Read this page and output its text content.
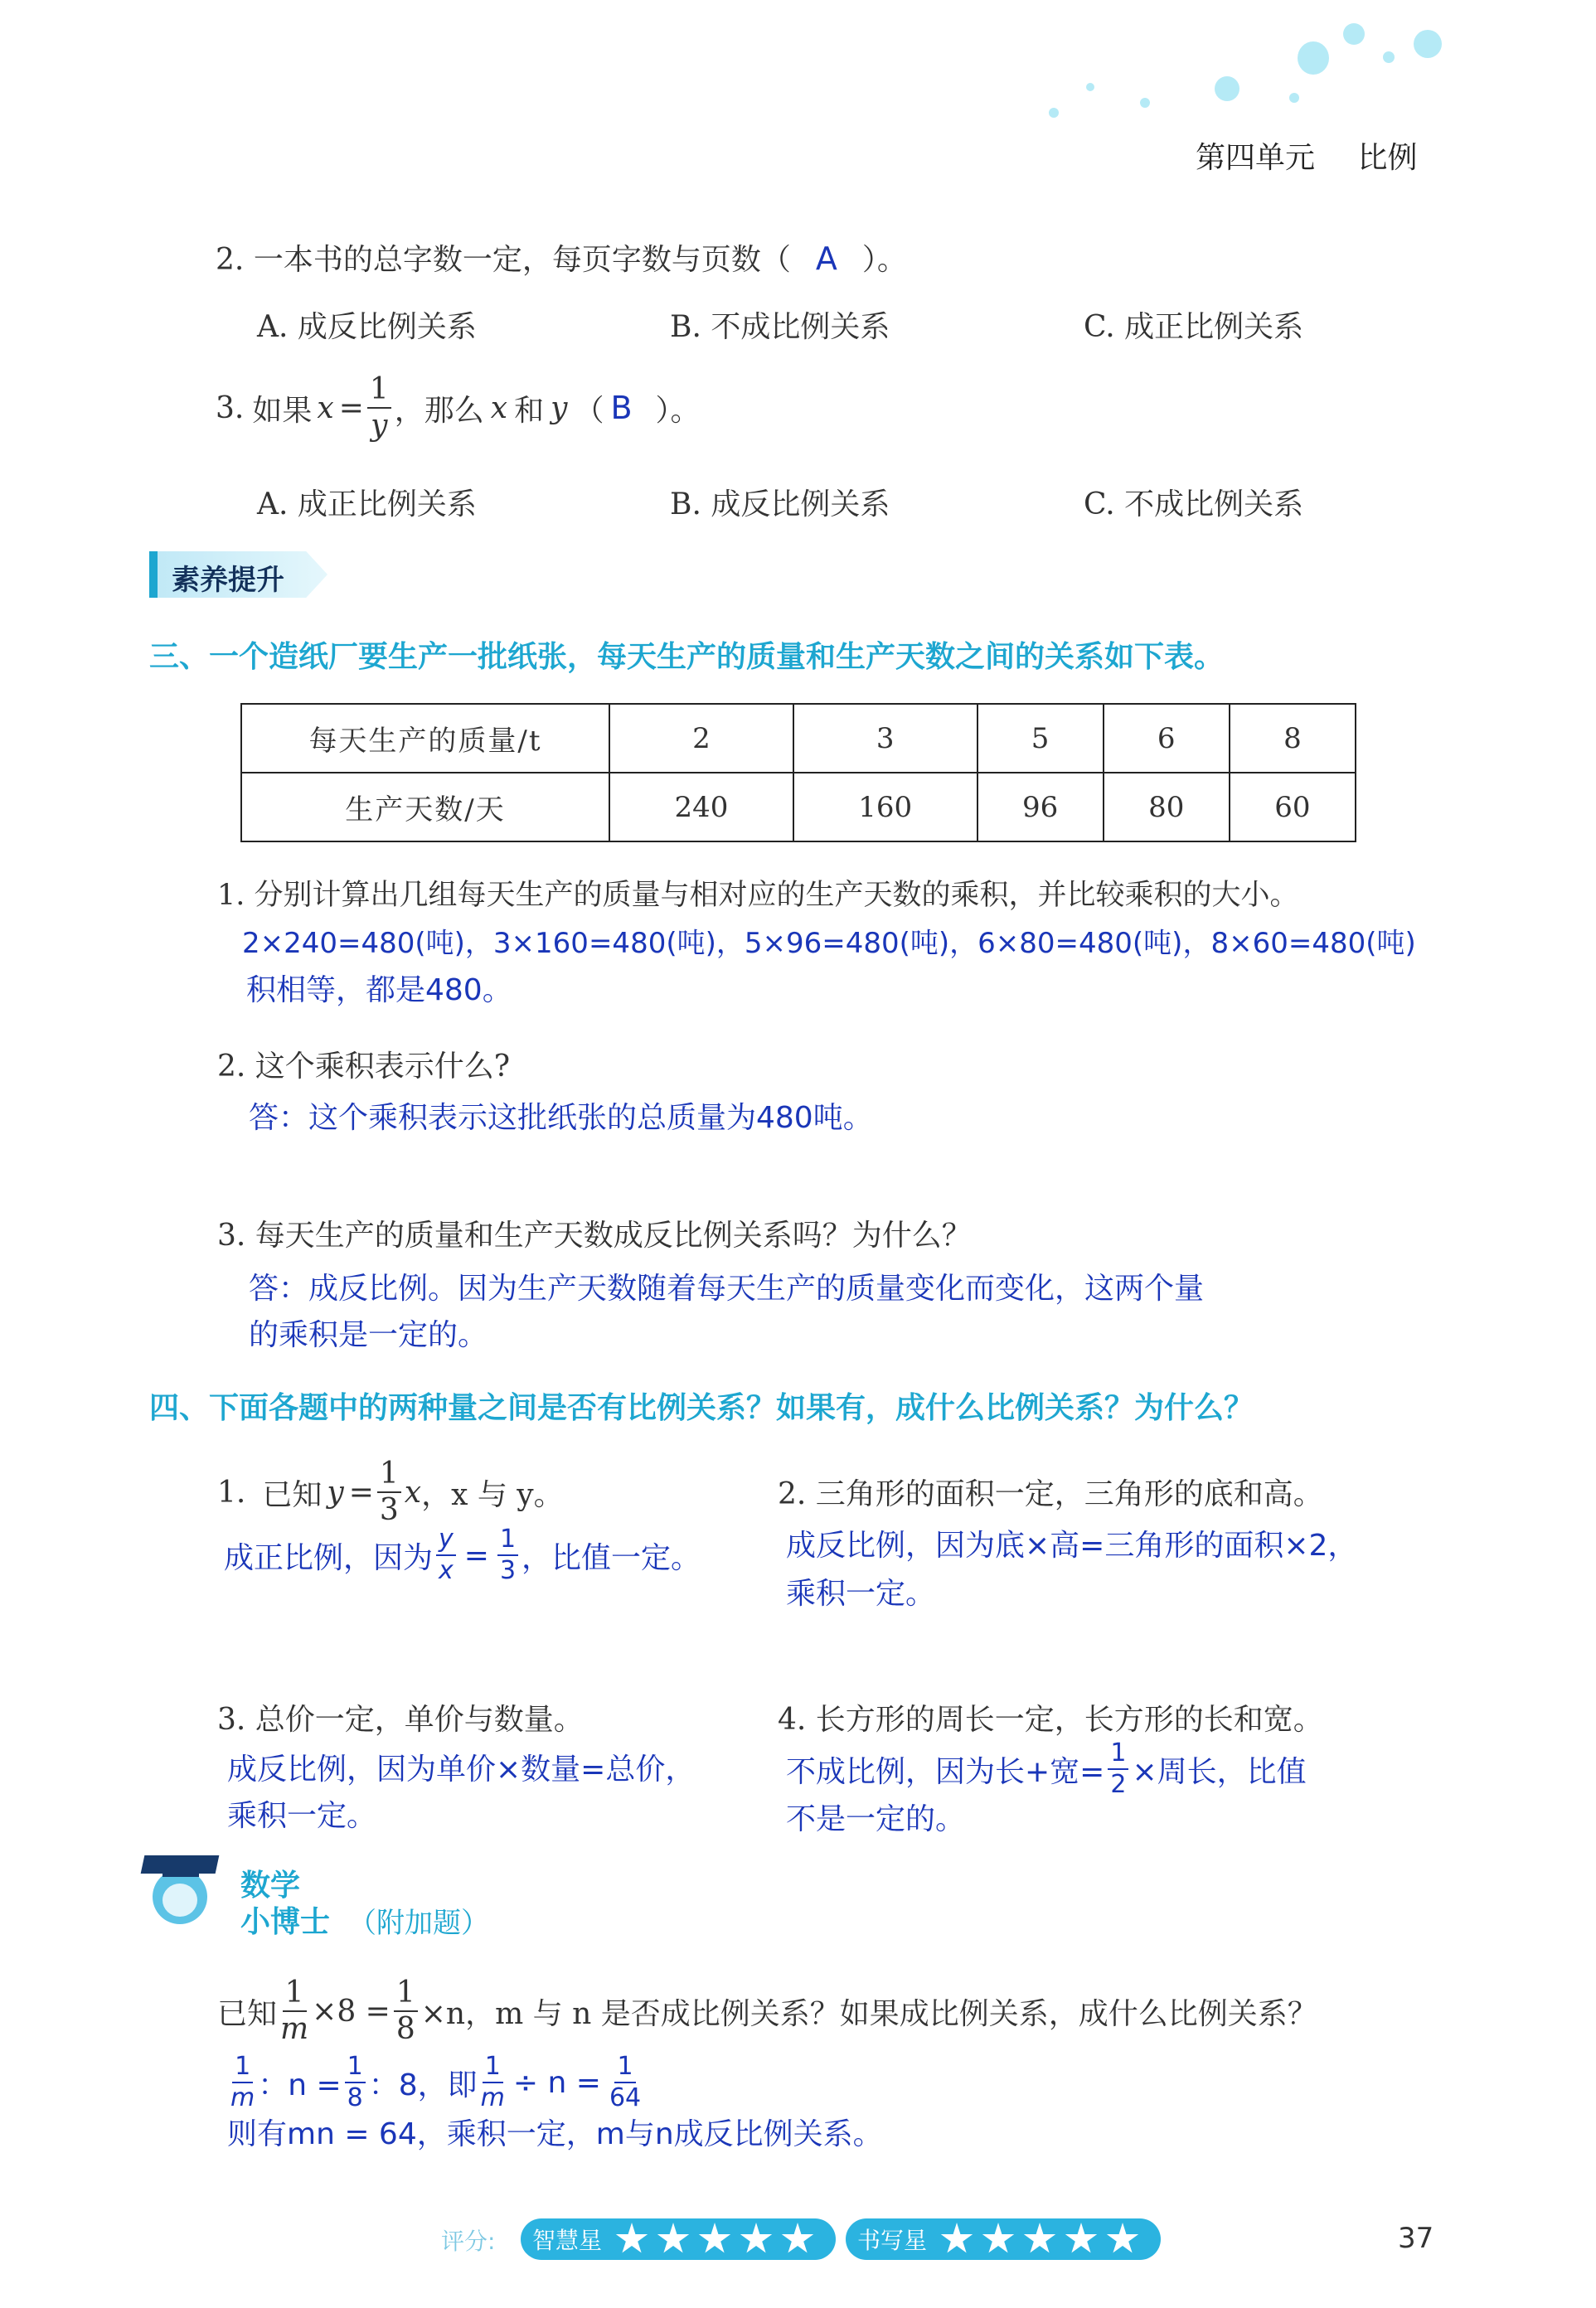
第四单元 比例
2. 一本书的总字数一定，每页字数与页数（ A ）。
A. 成反比例关系	B. 不成比例关系	C. 成正比例关系
3. 如果 $x = \frac{1}{y}$ ，那么 x 和 y （ B ）。
A. 成正比例关系	B. 成反比例关系	C. 不成比例关系
素养提升
三、一个造纸厂要生产一批纸张，每天生产的质量和生产天数之间的关系如下表。
每天生产的质量/t	2	3	5	6	8
生产天数/天	240	160	96	80	60
1. 分别计算出几组每天生产的质量与相对应的生产天数的乘积，并比较乘积的大小。
2×240=480(吨)，3×160=480(吨)，5×96=480(吨)，6×80=480(吨)，8×60=480(吨)
积相等，都是480。
2. 这个乘积表示什么?
答：这个乘积表示这批纸张的总质量为480吨。
3. 每天生产的质量和生产天数成反比例关系吗？为什么？
答：成反比例。因为生产天数随着每天生产的质量变化而变化，这两个量
的乘积是一定的。
四、下面各题中的两种量之间是否有比例关系？如果有，成什么比例关系？为什么？
1. 已知 $y = \frac{1}{3}$ x ，x 与 y。
成正比例，因为 $\frac{y}{x} = \frac{1}{3}$ ，比值一定。
2. 三角形的面积一定，三角形的底和高。
成反比例，因为底×高=三角形的面积×2，
乘积一定。
3. 总价一定，单价与数量。
成反比例，因为单价×数量=总价，
乘积一定。
4. 长方形的周长一定，长方形的长和宽。
不成比例，因为长+宽= $\frac{1}{2}$ ×周长，比值
不是一定的。
数学
小博士 （附加题）
已知 $\frac{1}{m} \times 8 = \frac{1}{8} \times n$，m 与 n 是否成比例关系？如果成比例关系，成什么比例关系？
$\frac{1}{m}$ ：$n = \frac{1}{8}$ ：8，即 $\frac{1}{m} \div n = \frac{1}{64}$
则有mn = 64，乘积一定，m与n成反比例关系。
评分: 智慧星	书写星	37
